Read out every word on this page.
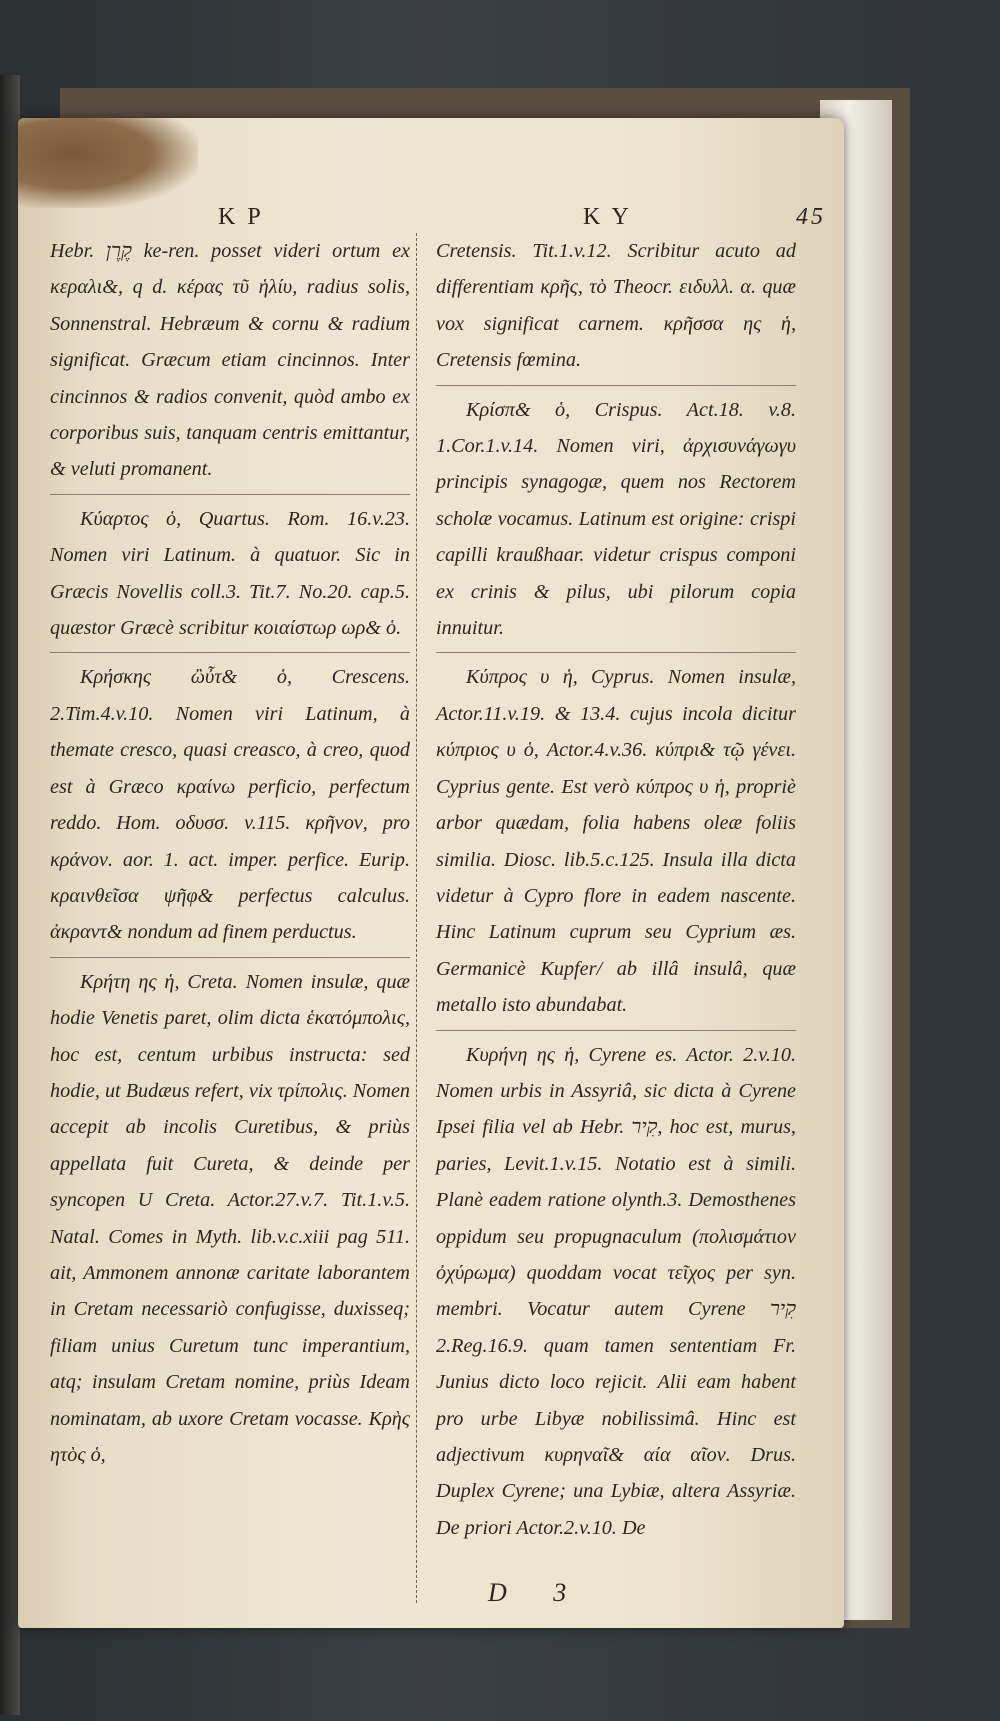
K P	K Y	45

Hebr. קֶרֶן ke-ren. posset videri ortum ex κεραλι&, q d. κέρας τῦ ἡλίυ, radius solis, Sonnenstral. Hebræum & cornu & radium significat. Græcum etiam cincinnos. Inter cincinnos & radios convenit, quòd ambo ex corporibus suis, tanquam centris emittantur, & veluti promanent.

Κύαρτος ὁ, Quartus. Rom. 16.v.23. Nomen viri Latinum. à quatuor. Sic in Græcis Novellis coll.3. Tit.7. No.20. cap.5. quæstor Græcè scribitur κοιαίστωρ ωρ& ὁ.

Κρήσκης ὢὖτ& ὁ, Crescens. 2.Tim.4.v.10. Nomen viri Latinum, à themate cresco, quasi creasco, à creo, quod est à Græco κραίνω perficio, perfectum reddo. Hom. οδυσσ. v.115. κρῆνον, pro κράνον. aor. 1. act. imper. perfice. Eurip. κραινθεῖσα ψῆφ& perfectus calculus. ἀκραντ& nondum ad finem perductus.

Κρήτη ης ἡ, Creta. Nomen insulæ, quæ hodie Venetis paret, olim dicta ἑκατόμπολις, hoc est, centum urbibus instructa: sed hodie, ut Budæus refert, vix τρίπολις. Nomen accepit ab incolis Curetibus, & priùs appellata fuit Cureta, & deinde per syncopen U Creta. Actor.27.v.7. Tit.1.v.5. Natal. Comes in Myth. lib.v.c.xiii pag 511. ait, Ammonem annonæ caritate laborantem in Cretam necessariò confugisse, duxisseq; filiam unius Curetum tunc imperantium, atq; insulam Cretam nomine, priùs Ideam nominatam, ab uxore Cretam vocasse. Κρὴς ητὸς ὁ,

Cretensis. Tit.1.v.12. Scribitur acuto ad differentiam κρῆς, τὸ Theocr. ειδυλλ. α. quæ vox significat carnem. κρῆσσα ης ἡ, Cretensis fœmina.

Κρίσπ& ὁ, Crispus. Act.18. v.8. 1.Cor.1.v.14. Nomen viri, ἀρχισυνάγωγυ principis synagogæ, quem nos Rectorem scholæ vocamus. Latinum est origine: crispi capilli kraußhaar. videtur crispus componi ex crinis & pilus, ubi pilorum copia innuitur.

Κύπρος υ ἡ, Cyprus. Nomen insulæ, Actor.11.v.19. & 13.4. cujus incola dicitur κύπριος υ ὁ, Actor.4.v.36. κύπρι& τῷ γένει. Cyprius gente. Est verò κύπρος υ ἡ, propriè arbor quædam, folia habens oleæ foliis similia. Diosc. lib.5.c.125. Insula illa dicta videtur à Cypro flore in eadem nascente. Hinc Latinum cuprum seu Cyprium æs. Germanicè Kupfer/ ab illâ insulâ, quæ metallo isto abundabat.

Κυρήνη ης ἡ, Cyrene es. Actor. 2.v.10. Nomen urbis in Assyriâ, sic dicta à Cyrene Ipsei filia vel ab Hebr. קִיר, hoc est, murus, paries, Levit.1.v.15. Notatio est à simili. Planè eadem ratione olynth.3. Demosthenes oppidum seu propugnaculum (πολισμάτιον ὀχύρωμα) quoddam vocat τεῖχος per syn. membri. Vocatur autem Cyrene קִיר 2.Reg.16.9. quam tamen sententiam Fr. Junius dicto loco rejicit. Alii eam habent pro urbe Libyæ nobilissimâ. Hinc est adjectivum κυρηναῖ& αία αῖον. Drus. Duplex Cyrene; una Lybiæ, altera Assyriæ. De priori Actor.2.v.10. De

D 3
